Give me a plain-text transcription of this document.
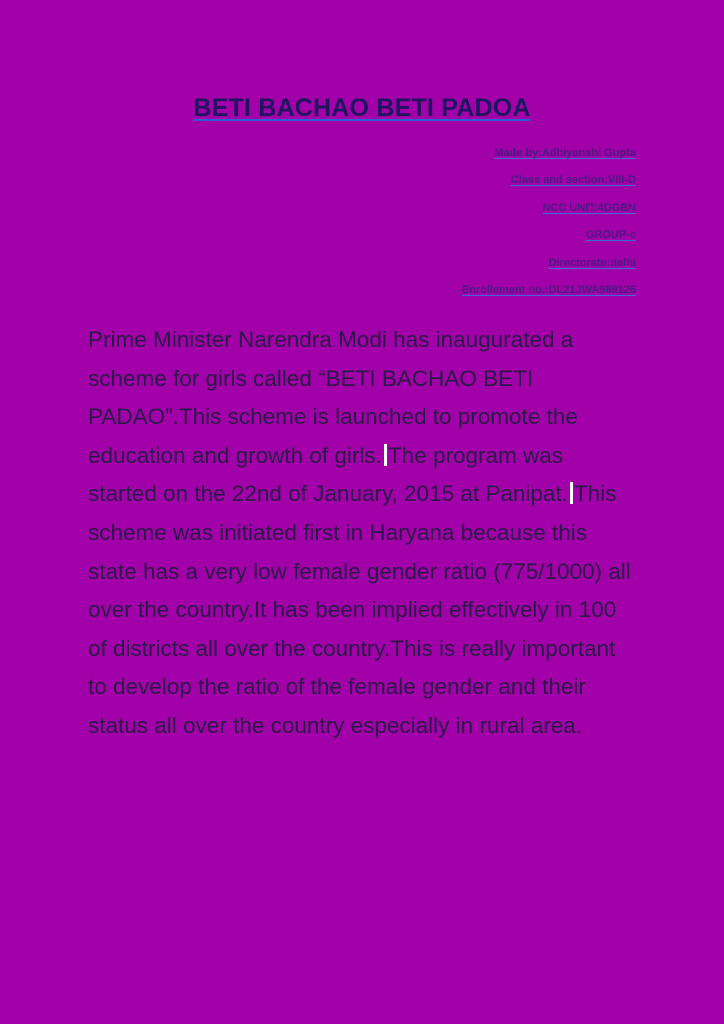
BETI BACHAO BETI PADOA
Made by:Adhiyanshi Gupta
Class and section:VIII-D
NCC UNIT:4DGBN
GROUP-c
Directorate:delhi
Enrollement no.:DL21JWA989126
Prime Minister Narendra Modi has inaugurated a scheme for girls called “BETI BACHAO BETI PADAO”.This scheme is launched to promote the education and growth of girls. The program was started on the 22nd of January, 2015 at Panipat. This scheme was initiated first in Haryana because this state has a very low female gender ratio (775/1000) all over the country.It has been implied effectively in 100 of districts all over the country.This is really important to develop the ratio of the female gender and their status all over the country especially in rural area.
